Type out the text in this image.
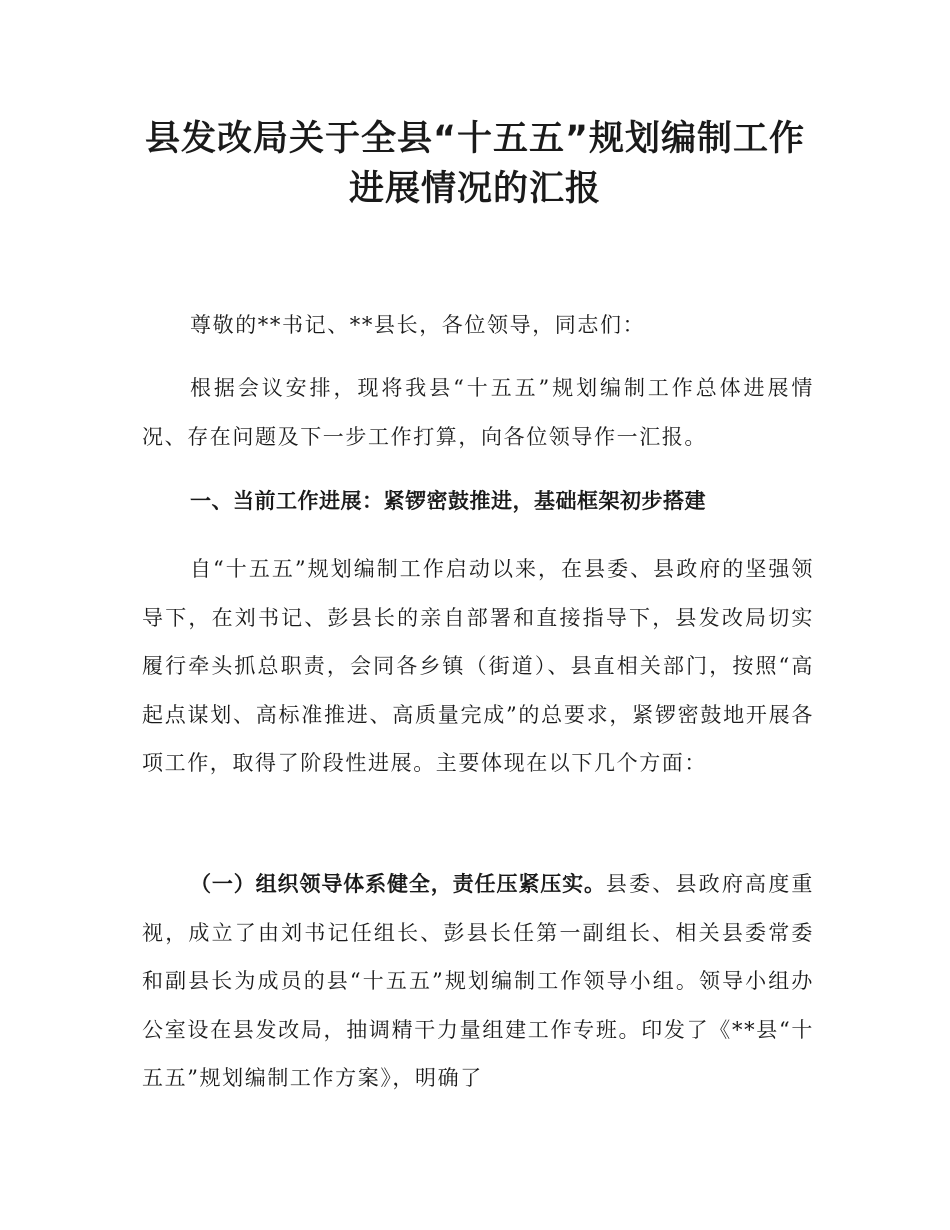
县发改局关于全县“十五五”规划编制工作
进展情况的汇报

尊敬的**书记、**县长，各位领导，同志们：

根据会议安排，现将我县“十五五”规划编制工作总体进展情况、存在问题及下一步工作打算，向各位领导作一汇报。

一、当前工作进展：紧锣密鼓推进，基础框架初步搭建

自“十五五”规划编制工作启动以来，在县委、县政府的坚强领导下，在刘书记、彭县长的亲自部署和直接指导下，县发改局切实履行牵头抓总职责，会同各乡镇（街道）、县直相关部门，按照“高起点谋划、高标准推进、高质量完成”的总要求，紧锣密鼓地开展各项工作，取得了阶段性进展。主要体现在以下几个方面：

（一）组织领导体系健全，责任压紧压实。县委、县政府高度重视，成立了由刘书记任组长、彭县长任第一副组长、相关县委常委和副县长为成员的县“十五五”规划编制工作领导小组。领导小组办公室设在县发改局，抽调精干力量组建工作专班。印发了《**县“十五五”规划编制工作方案》，明确了
